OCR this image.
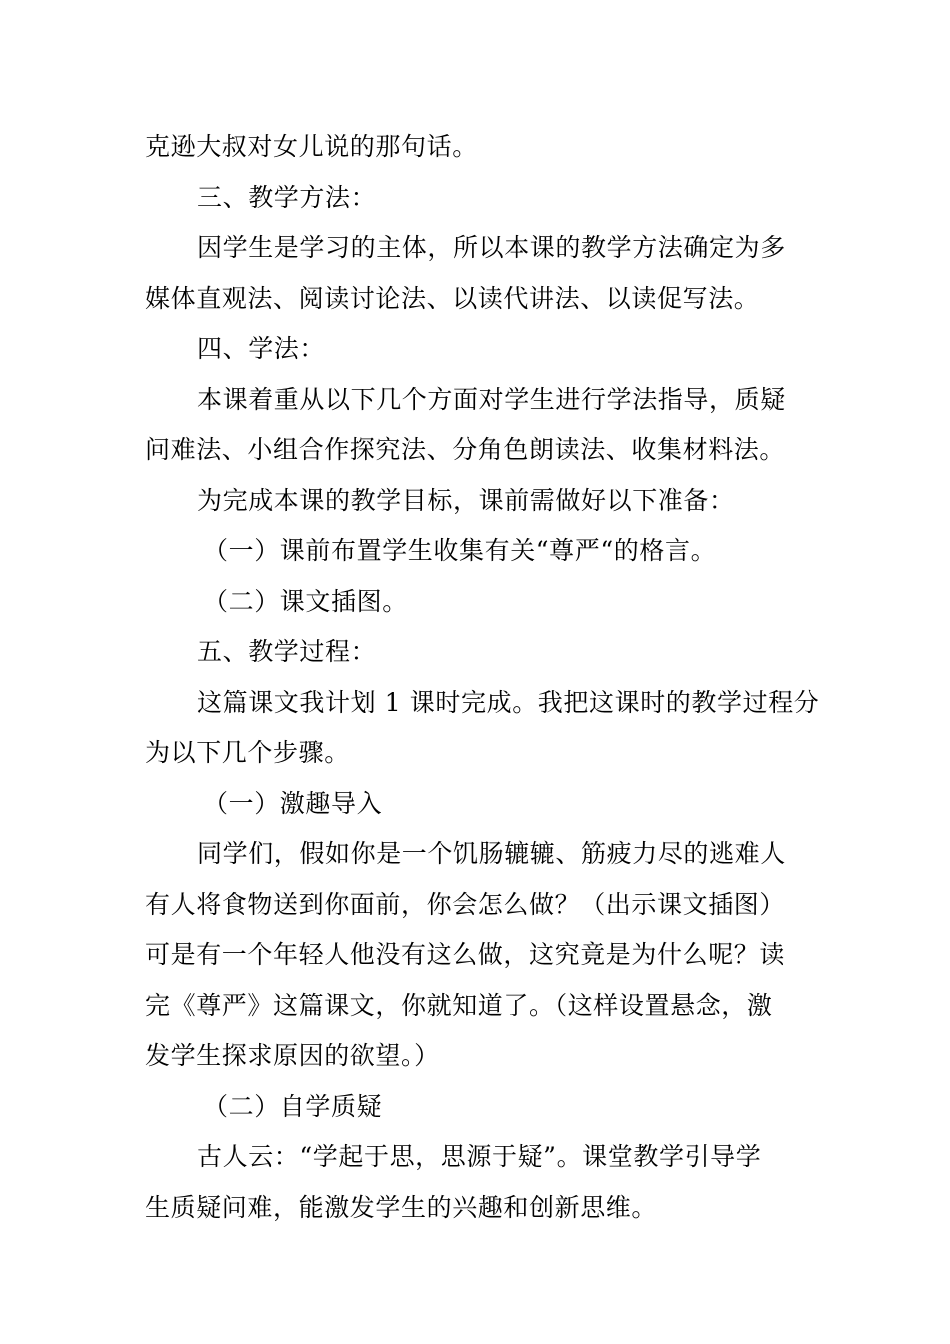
克逊大叔对女儿说的那句话。
三、教学方法：
因学生是学习的主体，所以本课的教学方法确定为多
媒体直观法、阅读讨论法、以读代讲法、以读促写法。
四、学法：
本课着重从以下几个方面对学生进行学法指导，质疑
问难法、小组合作探究法、分角色朗读法、收集材料法。
为完成本课的教学目标，课前需做好以下准备：
（一）课前布置学生收集有关“尊严“的格言。
（二）课文插图。
五、教学过程：
这篇课文我计划 1 课时完成。我把这课时的教学过程分
为以下几个步骤。
（一）激趣导入
同学们，假如你是一个饥肠辘辘、筋疲力尽的逃难人
有人将食物送到你面前，你会怎么做？（出示课文插图）
可是有一个年轻人他没有这么做，这究竟是为什么呢？读
完《尊严》这篇课文，你就知道了。（这样设置悬念，激
发学生探求原因的欲望。）
（二）自学质疑
古人云：“学起于思，思源于疑”。课堂教学引导学
生质疑问难，能激发学生的兴趣和创新思维。
